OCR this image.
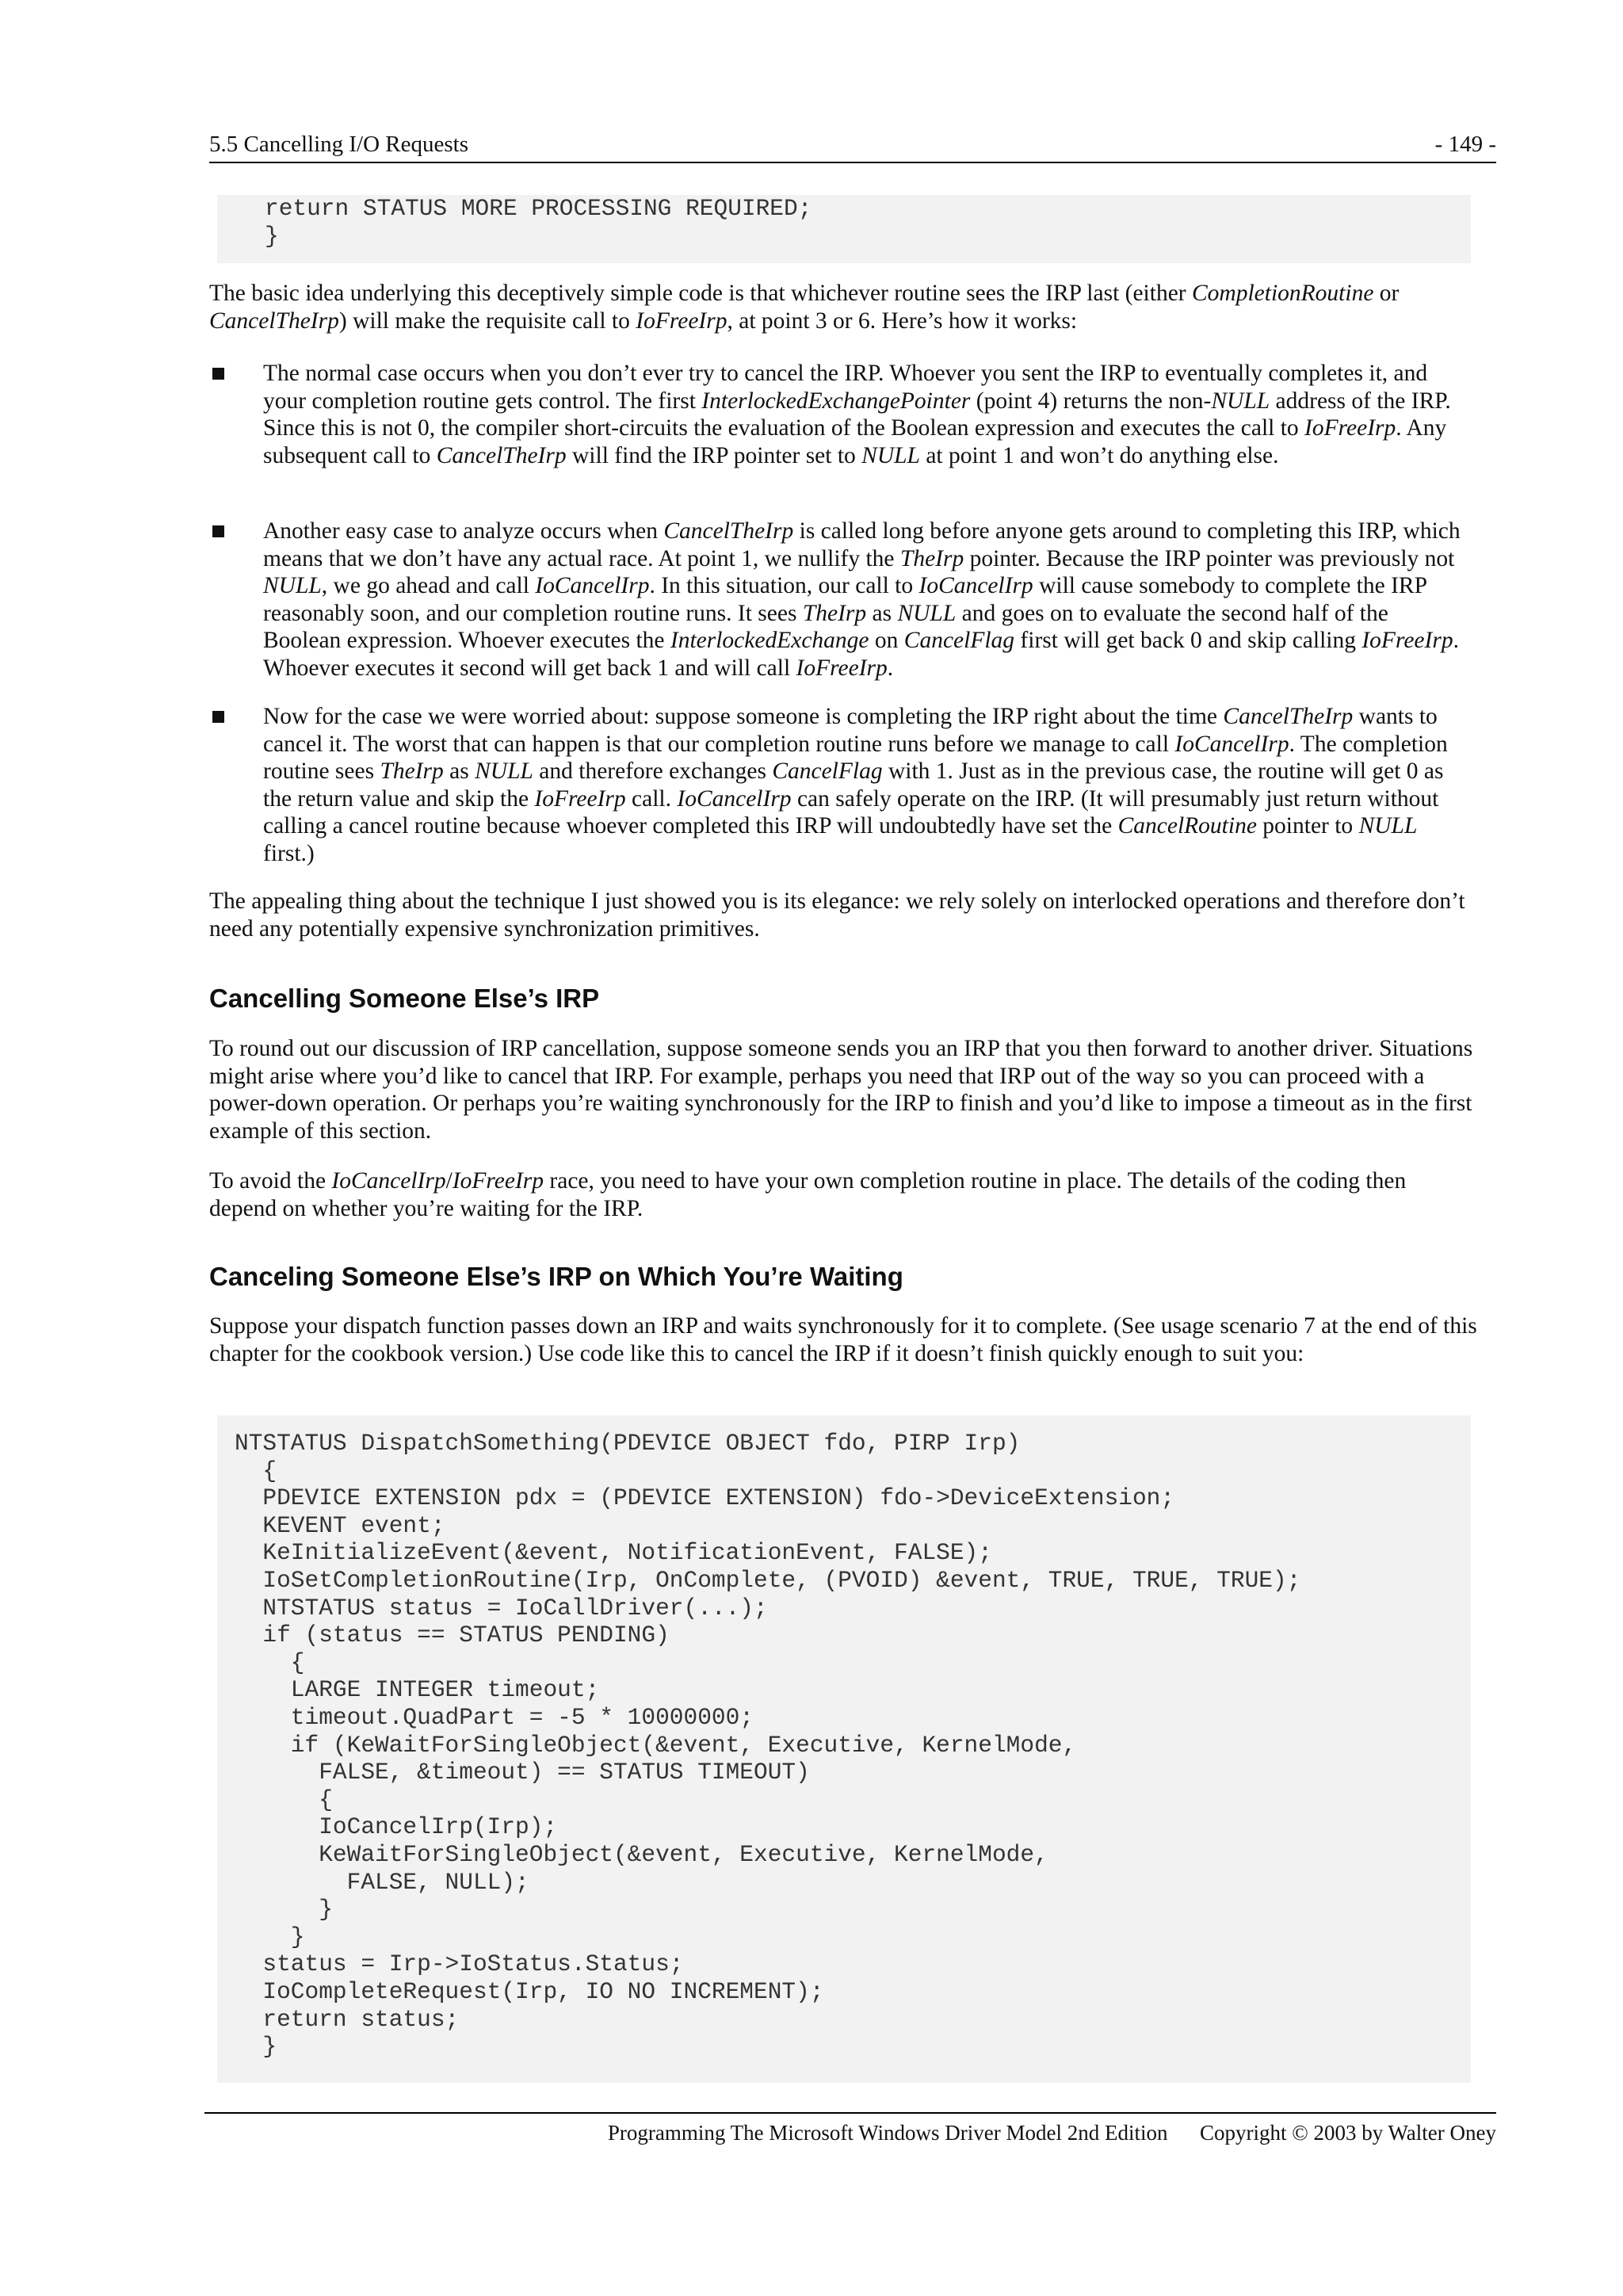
5.5 Cancelling I/O Requests	- 149 -

return STATUS MORE PROCESSING REQUIRED;

}

The basic idea underlying this deceptively simple code is that whichever routine sees the IRP last (either CompletionRoutine or CancelTheIrp) will make the requisite call to IoFreeIrp, at point 3 or 6. Here’s how it works:

The normal case occurs when you don’t ever try to cancel the IRP. Whoever you sent the IRP to eventually completes it, and your completion routine gets control. The first InterlockedExchangePointer (point 4) returns the non-NULL address of the IRP. Since this is not 0, the compiler short-circuits the evaluation of the Boolean expression and executes the call to IoFreeIrp. Any subsequent call to CancelTheIrp will find the IRP pointer set to NULL at point 1 and won’t do anything else.

Another easy case to analyze occurs when CancelTheIrp is called long before anyone gets around to completing this IRP, which means that we don’t have any actual race. At point 1, we nullify the TheIrp pointer. Because the IRP pointer was previously not NULL, we go ahead and call IoCancelIrp. In this situation, our call to IoCancelIrp will cause somebody to complete the IRP reasonably soon, and our completion routine runs. It sees TheIrp as NULL and goes on to evaluate the second half of the Boolean expression. Whoever executes the InterlockedExchange on CancelFlag first will get back 0 and skip calling IoFreeIrp. Whoever executes it second will get back 1 and will call IoFreeIrp.

Now for the case we were worried about: suppose someone is completing the IRP right about the time CancelTheIrp wants to cancel it. The worst that can happen is that our completion routine runs before we manage to call IoCancelIrp. The completion routine sees TheIrp as NULL and therefore exchanges CancelFlag with 1. Just as in the previous case, the routine will get 0 as the return value and skip the IoFreeIrp call. IoCancelIrp can safely operate on the IRP. (It will presumably just return without calling a cancel routine because whoever completed this IRP will undoubtedly have set the CancelRoutine pointer to NULL first.)

The appealing thing about the technique I just showed you is its elegance: we rely solely on interlocked operations and therefore don’t need any potentially expensive synchronization primitives.

Cancelling Someone Else’s IRP

To round out our discussion of IRP cancellation, suppose someone sends you an IRP that you then forward to another driver. Situations might arise where you’d like to cancel that IRP. For example, perhaps you need that IRP out of the way so you can proceed with a power-down operation. Or perhaps you’re waiting synchronously for the IRP to finish and you’d like to impose a timeout as in the first example of this section.

To avoid the IoCancelIrp/IoFreeIrp race, you need to have your own completion routine in place. The details of the coding then depend on whether you’re waiting for the IRP.

Canceling Someone Else’s IRP on Which You’re Waiting

Suppose your dispatch function passes down an IRP and waits synchronously for it to complete. (See usage scenario 7 at the end of this chapter for the cookbook version.) Use code like this to cancel the IRP if it doesn’t finish quickly enough to suit you:

NTSTATUS DispatchSomething(PDEVICE OBJECT fdo, PIRP Irp)
{
PDEVICE EXTENSION pdx = (PDEVICE EXTENSION) fdo->DeviceExtension;
KEVENT event;
KeInitializeEvent(&event, NotificationEvent, FALSE);
IoSetCompletionRoutine(Irp, OnComplete, (PVOID) &event, TRUE, TRUE, TRUE);
NTSTATUS status = IoCallDriver(...);
if (status == STATUS PENDING)
{
LARGE INTEGER timeout;
timeout.QuadPart = -5 * 10000000;
if (KeWaitForSingleObject(&event, Executive, KernelMode,
FALSE, &timeout) == STATUS TIMEOUT)
{
IoCancelIrp(Irp);
KeWaitForSingleObject(&event, Executive, KernelMode,
FALSE, NULL);
}
}
status = Irp->IoStatus.Status;
IoCompleteRequest(Irp, IO NO INCREMENT);
return status;
}
Programming The Microsoft Windows Driver Model 2nd Edition Copyright © 2003 by Walter Oney
